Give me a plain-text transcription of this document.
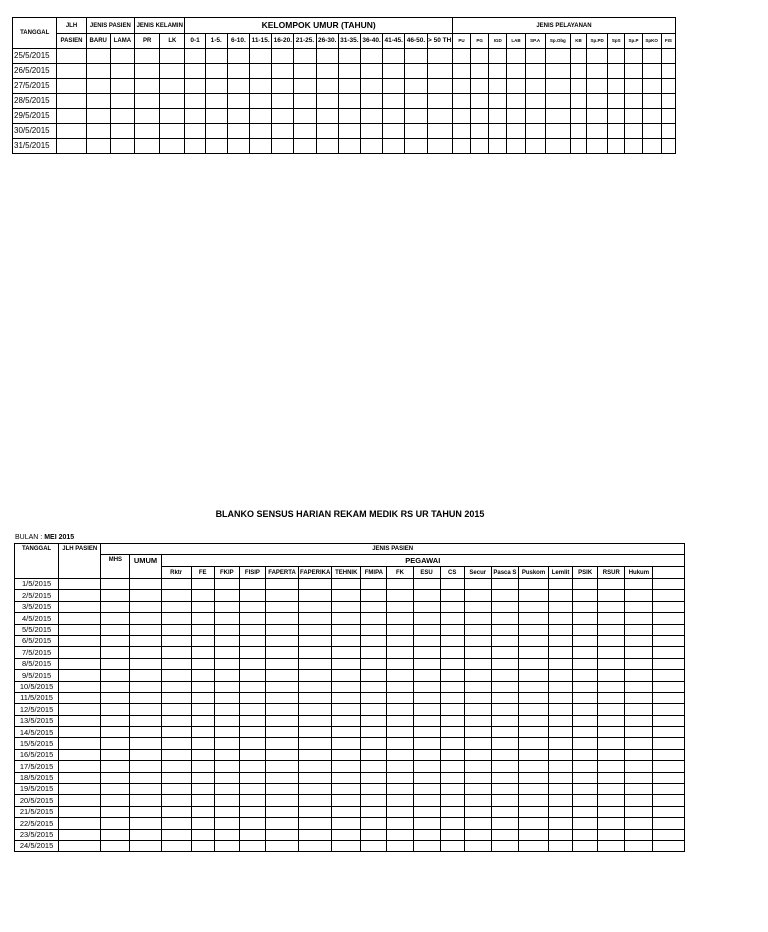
TANGGAL	JLH	JENIS PASIEN		JENIS KELAMIN		KELOMPOK UMUR (TAHUN)												JENIS PELAYANAN											
	PASIEN	BARU	LAMA	PR	LK	0-1	1-5.	6-10.	11-15.	16-20.	21-25.	26-30.	31-35.	36-40.	41-45.	46-50.	> 50 TH	PU	PG	IGD	LAB	SP.A	Sp.Obg	KB	Sp.PD	SpS	Sp.P	SpKO	FIS
25/5/2015																													
26/5/2015																													
27/5/2015																													
28/5/2015																													
29/5/2015																													
30/5/2015																													
31/5/2015																													
BLANKO SENSUS HARIAN REKAM MEDIK RS UR TAHUN 2015
BULAN : MEI 2015
TANGGAL	JLH PASIEN	JENIS PASIEN																				
		MHS	UMUM	PEGAWAI																		
				Rktr	FE	FKIP	FISIP	FAPERTA	FAPERIKA	TEHNIK	FMIPA	FK	ESU	CS	Secur	Pasca S	Puskom	Lemlit	PSIK	RSUR	Hukum	
1/5/2015																						
2/5/2015																						
3/5/2015																						
4/5/2015																						
5/5/2015																						
6/5/2015																						
7/5/2015																						
8/5/2015																						
9/5/2015																						
10/5/2015																						
11/5/2015																						
12/5/2015																						
13/5/2015																						
14/5/2015																						
15/5/2015																						
16/5/2015																						
17/5/2015																						
18/5/2015																						
19/5/2015																						
20/5/2015																						
21/5/2015																						
22/5/2015																						
23/5/2015																						
24/5/2015																						
